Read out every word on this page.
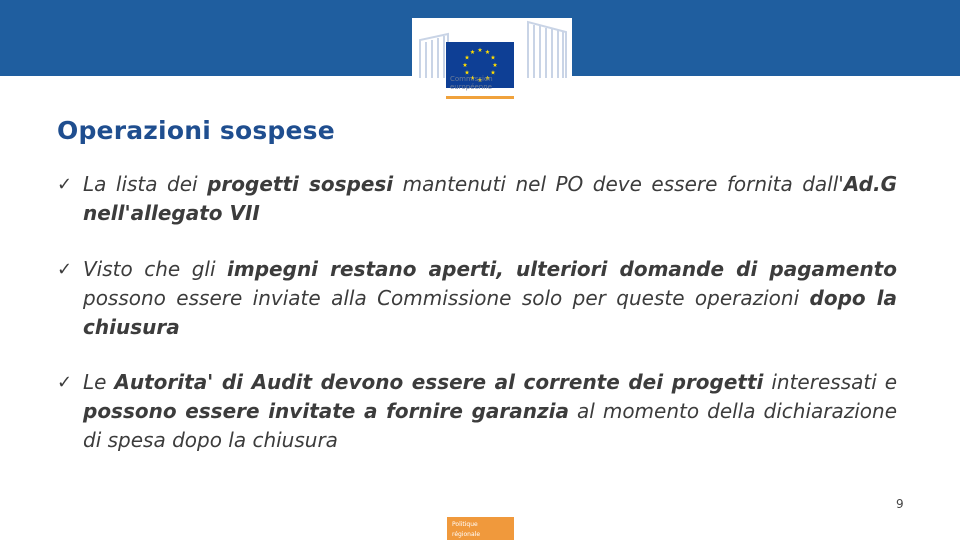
Commission
européenne
Operazioni sospese
✓ La lista dei progetti sospesi mantenuti nel PO deve essere fornita dall'Ad.G nell'allegato VII
✓ Visto che gli impegni restano aperti, ulteriori domande di pagamento possono essere inviate alla Commissione solo per queste operazioni dopo la chiusura
✓ Le Autorita' di Audit devono essere al corrente dei progetti interessati e possono essere invitate a fornire garanzia al momento della dichiarazione di spesa dopo la chiusura
9
Politique
régionale
